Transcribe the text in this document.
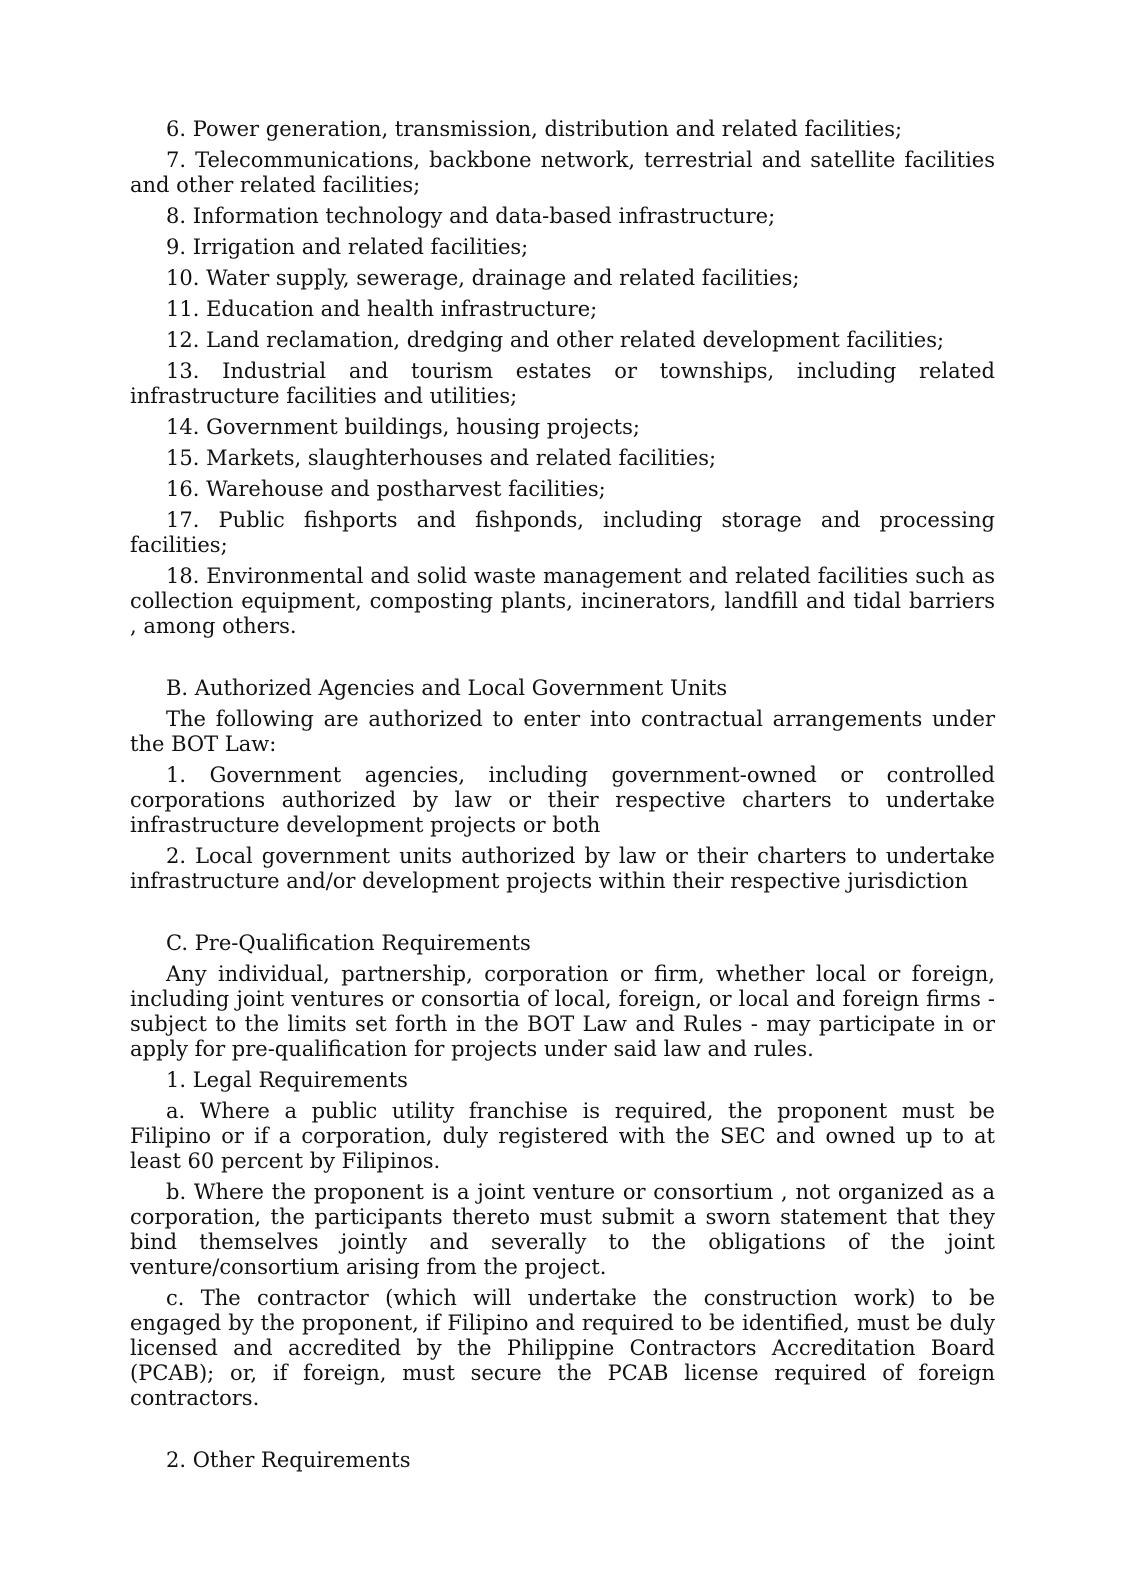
6. Power generation, transmission, distribution and related facilities;

7. Telecommunications, backbone network, terrestrial and satellite facilities and other related facilities;

8. Information technology and data-based infrastructure;

9. Irrigation and related facilities;

10. Water supply, sewerage, drainage and related facilities;

11. Education and health infrastructure;

12. Land reclamation, dredging and other related development facilities;

13. Industrial and tourism estates or townships, including related infrastructure facilities and utilities;

14. Government buildings, housing projects;

15. Markets, slaughterhouses and related facilities;

16. Warehouse and postharvest facilities;

17. Public fishports and fishponds, including storage and processing facilities;

18. Environmental and solid waste management and related facilities such as collection equipment, composting plants, incinerators, landfill and tidal barriers , among others.

B. Authorized Agencies and Local Government Units

The following are authorized to enter into contractual arrangements under the BOT Law:

1. Government agencies, including government-owned or controlled corporations authorized by law or their respective charters to undertake infrastructure development projects or both

2. Local government units authorized by law or their charters to undertake infrastructure and/or development projects within their respective jurisdiction

C. Pre-Qualification Requirements

Any individual, partnership, corporation or firm, whether local or foreign, including joint ventures or consortia of local, foreign, or local and foreign firms - subject to the limits set forth in the BOT Law and Rules - may participate in or apply for pre-qualification for projects under said law and rules.

1. Legal Requirements

a. Where a public utility franchise is required, the proponent must be Filipino or if a corporation, duly registered with the SEC and owned up to at least 60 percent by Filipinos.

b. Where the proponent is a joint venture or consortium , not organized as a corporation, the participants thereto must submit a sworn statement that they bind themselves jointly and severally to the obligations of the joint venture/consortium arising from the project.

c. The contractor (which will undertake the construction work) to be engaged by the proponent, if Filipino and required to be identified, must be duly licensed and accredited by the Philippine Contractors Accreditation Board (PCAB); or, if foreign, must secure the PCAB license required of foreign contractors.

2. Other Requirements
